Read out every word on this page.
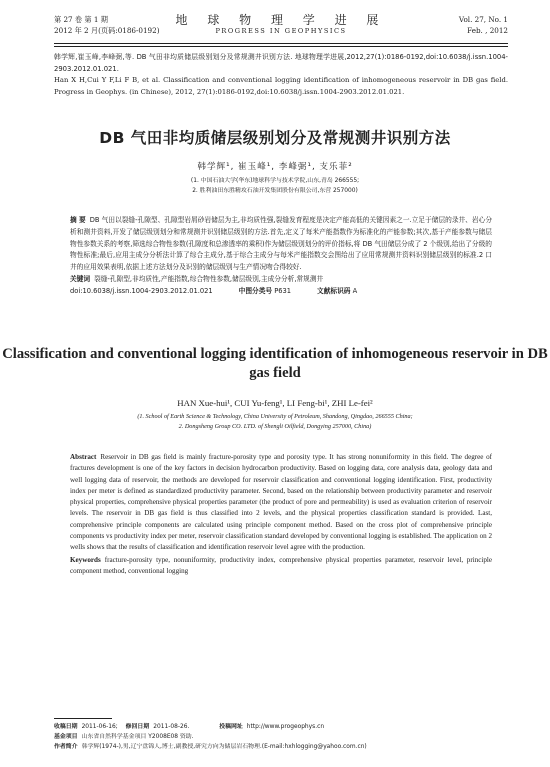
第 27 卷 第 1 期
2012 年 2 月(页码:0186-0192)
地 球 物 理 学 进 展
PROGRESS IN GEOPHYSICS
Vol. 27, No. 1
Feb. , 2012

韩学辉,崔玉峰,李峰弼,等. DB 气田非均质储层级别划分及常规测井识别方法. 地球物理学进展,2012,27(1):0186-0192,doi:10.6038/j.issn.1004-2903.2012.01.021.

Han X H,Cui Y F,Li F B, et al. Classification and conventional logging identification of inhomogeneous reservoir in DB gas field. Progress in Geophys. (in Chinese), 2012, 27(1):0186-0192,doi:10.6038/j.issn.1004-2903.2012.01.021.

DB 气田非均质储层级别划分及常规测井识别方法
韩学辉¹, 崔玉峰¹, 李峰弼¹, 支乐菲²
(1. 中国石油大学(华东)地球科学与技术学院,山东,青岛 266555;
2. 胜利油田东胜精攻石油开发集团股份有限公司,东营 257000)

摘 要 DB 气田以裂缝-孔隙型、孔隙型岩屑砂岩储层为主,非均质性强,裂缝发育程度是决定产能高低的关键因素之一.立足于储层的录井、岩心分析和测井资料,开发了储层级别划分和常规测井识别储层级别的方法.首先,定义了每米产能指数作为标准化的产能参数;其次,基于产能参数与储层物性参数关系的考察,筛选综合物性参数(孔隙度和总渗透率的乘积)作为储层级别划分的评价指标,将 DB 气田储层分成了 2 个级别,给出了分级的物性标准;最后,应用主成分分析法计算了综合主成分,基于综合主成分与每米产能指数交会图给出了应用常规测井资料识别储层级别的标准.2 口井的应用效果表明,依据上述方法划分及识别的储层级别与生产情况吻合得较好.

关键词 裂缝-孔隙型,非均质性,产能指数,综合物性参数,储层级别,主成分分析,常规测井

doi:10.6038/j.issn.1004-2903.2012.01.021	中图分类号 P631	文献标识码 A

Classification and conventional logging identification of inhomogeneous reservoir in DB gas field
HAN Xue-hui¹, CUI Yu-feng¹, LI Feng-bi¹, ZHI Le-fei²
(1. School of Earth Science & Technology, China University of Petroleum, Shandong, Qingdao, 266555 China;
2. Dongsheng Group CO. LTD. of Shengli Oilfield, Dongying 257000, China)

Abstract Reservoir in DB gas field is mainly fracture-porosity type and porosity type. It has strong nonuniformity in this field. The degree of fractures development is one of the key factors in decision hydrocarbon productivity. Based on logging data, core analysis data, geology data and well logging data of reservoir, the methods are developed for reservoir classification and conventional logging identification. First, productivity index per meter is defined as standardized productivity parameter. Second, based on the relationship between productivity parameter and reservoir physical properties, comprehensive physical properties parameter (the product of pore and permeability) is used as evaluation criterion of reservoir levels. The reservoir in DB gas field is thus classified into 2 levels, and the physical properties classification standard is provided. Last, comprehensive principle components are calculated using principle component method. Based on the cross plot of comprehensive principle components vs productivity index per meter, reservoir classification standard developed by conventional logging is established. The application on 2 wells shows that the results of classification and identification reservoir level agree with the production.

Keywords fracture-porosity type, nonuniformity, productivity index, comprehensive physical properties parameter, reservoir level, principle component method, conventional logging

收稿日期 2011-06-16; 修回日期 2011-08-26.	投稿网址 http://www.progeophys.cn

基金项目 山东省自然科学基金项目 Y2008E08 资助.

作者简介 韩学辉(1974-),男,辽宁盘锦人,博士,副教授,研究方向为储层岩石物理.(E-mail:hxhlogging@yahoo.com.cn)
